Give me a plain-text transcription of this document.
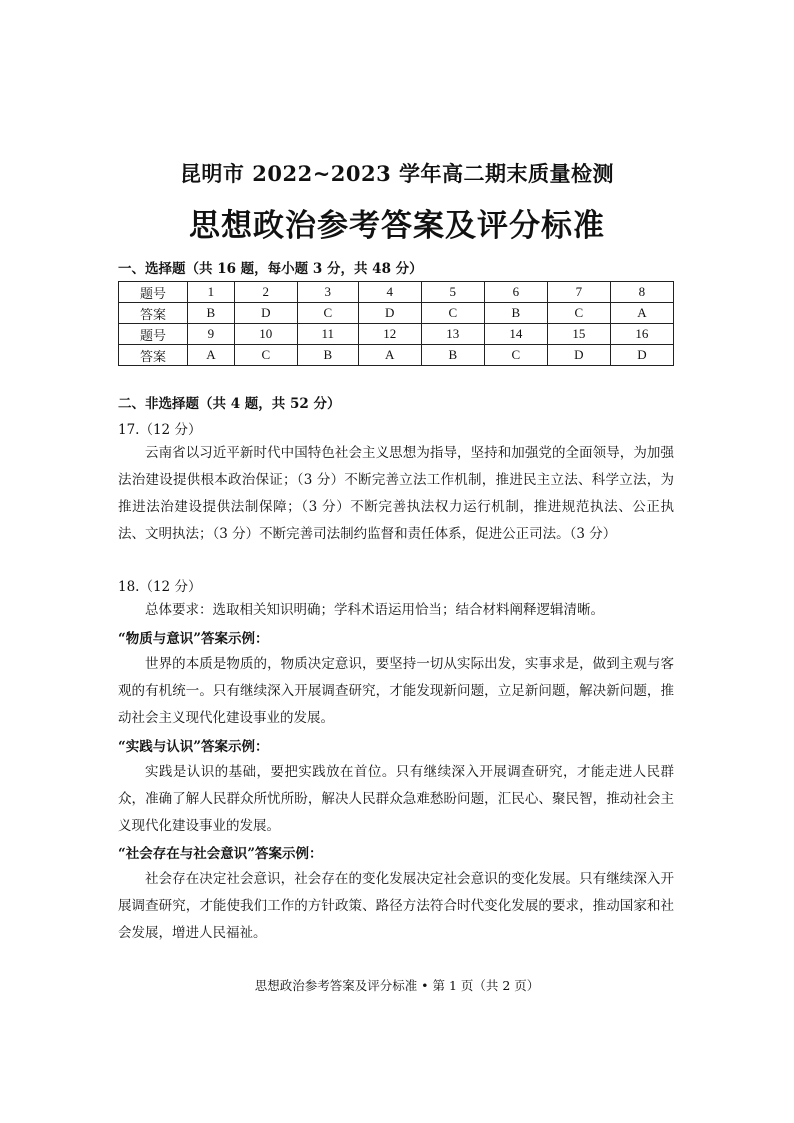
昆明市 2022~2023 学年高二期末质量检测
思想政治参考答案及评分标准
一、选择题（共 16 题，每小题 3 分，共 48 分）
题号	1	2	3	4	5	6	7	8
答案	B	D	C	D	C	B	C	A
题号	9	10	11	12	13	14	15	16
答案	A	C	B	A	B	C	D	D
二、非选择题（共 4 题，共 52 分）
17.（12 分）
云南省以习近平新时代中国特色社会主义思想为指导，坚持和加强党的全面领导，为加强法治建设提供根本政治保证；（3 分）不断完善立法工作机制，推进民主立法、科学立法，为推进法治建设提供法制保障；（3 分）不断完善执法权力运行机制，推进规范执法、公正执法、文明执法；（3 分）不断完善司法制约监督和责任体系，促进公正司法。（3 分）
18.（12 分）
总体要求：选取相关知识明确；学科术语运用恰当；结合材料阐释逻辑清晰。
“物质与意识”答案示例：
世界的本质是物质的，物质决定意识，要坚持一切从实际出发，实事求是，做到主观与客观的有机统一。只有继续深入开展调查研究，才能发现新问题，立足新问题，解决新问题，推动社会主义现代化建设事业的发展。
“实践与认识”答案示例：
实践是认识的基础，要把实践放在首位。只有继续深入开展调查研究，才能走进人民群众，准确了解人民群众所忧所盼，解决人民群众急难愁盼问题，汇民心、聚民智，推动社会主义现代化建设事业的发展。
“社会存在与社会意识”答案示例：
社会存在决定社会意识，社会存在的变化发展决定社会意识的变化发展。只有继续深入开展调查研究，才能使我们工作的方针政策、路径方法符合时代变化发展的要求，推动国家和社会发展，增进人民福祉。
思想政治参考答案及评分标准 • 第 1 页（共 2 页）
